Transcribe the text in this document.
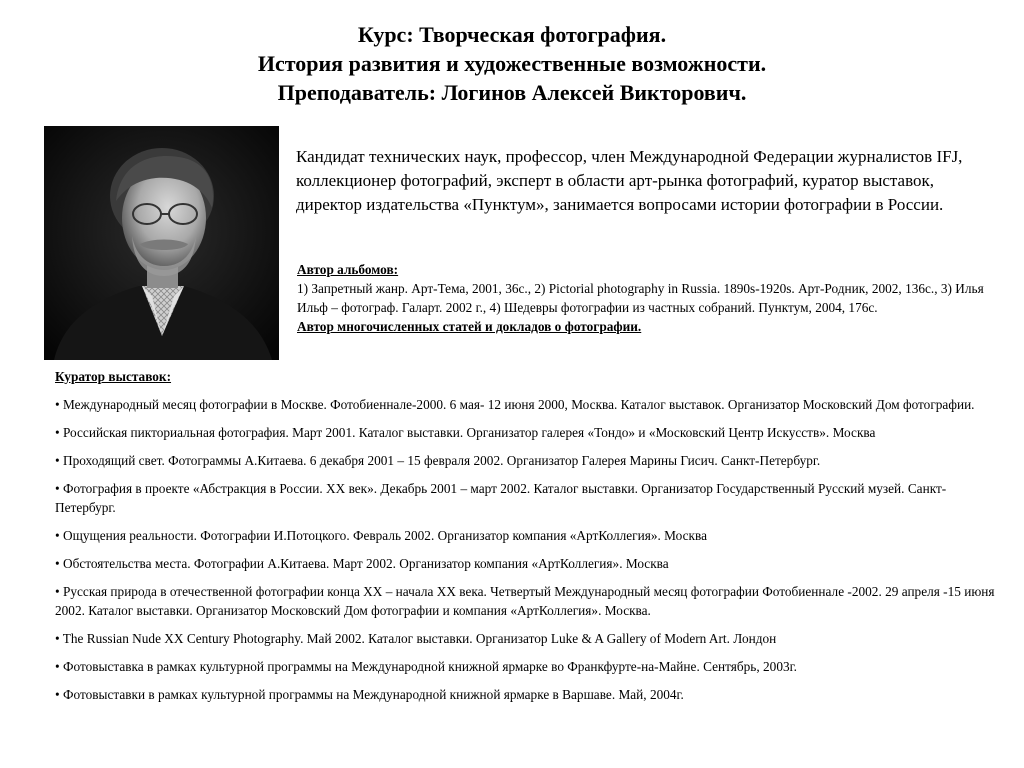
Курс: Творческая фотография.
История развития и художественные возможности.
Преподаватель: Логинов Алексей Викторович.
Кандидат технических наук, профессор, член Международной Федерации журналистов IFJ, коллекционер фотографий, эксперт в области арт-рынка фотографий, куратор выставок, директор издательства «Пунктум», занимается вопросами истории фотографии в России.
Автор альбомов:
1) Запретный жанр. Арт-Тема, 2001, 36с., 2) Pictorial photography in Russia. 1890s-1920s. Арт-Родник, 2002, 136с., 3) Илья Ильф – фотограф. Галарт. 2002 г., 4) Шедевры фотографии из частных собраний. Пунктум, 2004, 176с.
Автор многочисленных статей и докладов о фотографии.
Куратор выставок:
• Международный месяц фотографии в Москве. Фотобиеннале-2000. 6 мая- 12 июня 2000, Москва. Каталог выставок. Организатор Московский Дом фотографии.
• Российская пикториальная фотография. Март 2001. Каталог выставки. Организатор галерея «Тондо» и «Московский Центр Искусств». Москва
• Проходящий свет. Фотограммы А.Китаева. 6 декабря 2001 – 15 февраля 2002. Организатор Галерея Марины Гисич. Санкт-Петербург.
• Фотография в проекте «Абстракция в России. ХХ век». Декабрь 2001 – март 2002. Каталог выставки. Организатор Государственный Русский музей. Санкт-Петербург.
• Ощущения реальности. Фотографии И.Потоцкого. Февраль 2002. Организатор компания «АртКоллегия». Москва
• Обстоятельства места. Фотографии А.Китаева. Март 2002. Организатор компания «АртКоллегия». Москва
• Русская природа в отечественной фотографии конца ХХ – начала ХХ века. Четвертый Международный месяц фотографии Фотобиеннале -2002. 29 апреля -15 июня 2002. Каталог выставки. Организатор Московский Дом фотографии и компания «АртКоллегия». Москва.
• The Russian Nude XX Century Photography. Май 2002. Каталог выставки. Организатор Luke & A Gallery of Modern Art. Лондон
• Фотовыставка в рамках культурной программы на Международной книжной ярмарке во Франкфурте-на-Майне. Сентябрь, 2003г.
• Фотовыставки в рамках культурной программы на Международной книжной ярмарке в Варшаве. Май, 2004г.
